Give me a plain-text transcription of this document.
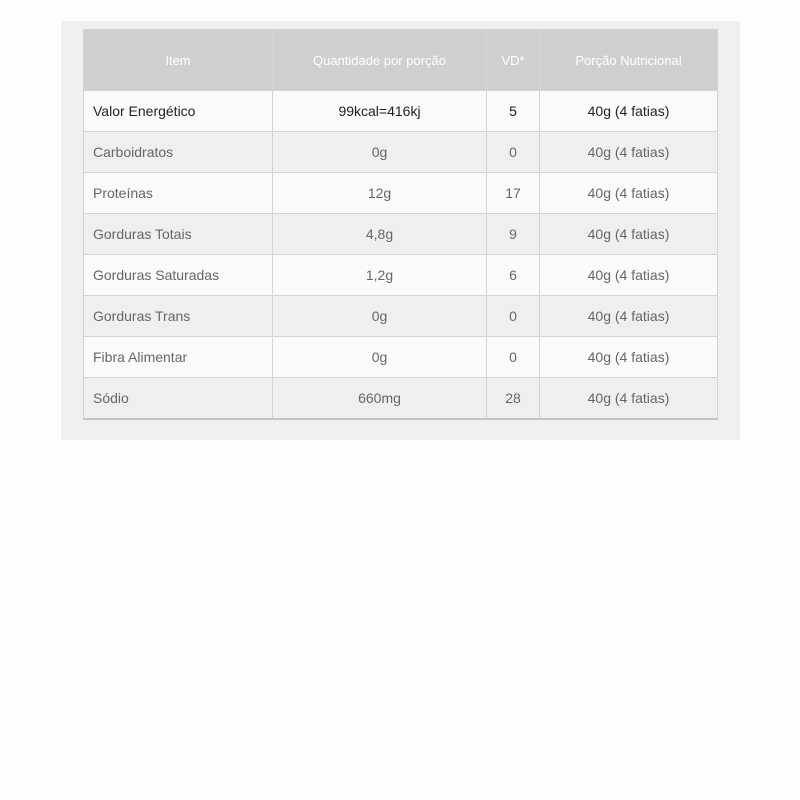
Item	Quantidade por porção	VD*	Porção Nutricional
Valor Energético	99kcal=416kj	5	40g (4 fatias)
Carboidratos	0g	0	40g (4 fatias)
Proteínas	12g	17	40g (4 fatias)
Gorduras Totais	4,8g	9	40g (4 fatias)
Gorduras Saturadas	1,2g	6	40g (4 fatias)
Gorduras Trans	0g	0	40g (4 fatias)
Fibra Alimentar	0g	0	40g (4 fatias)
Sódio	660mg	28	40g (4 fatias)
